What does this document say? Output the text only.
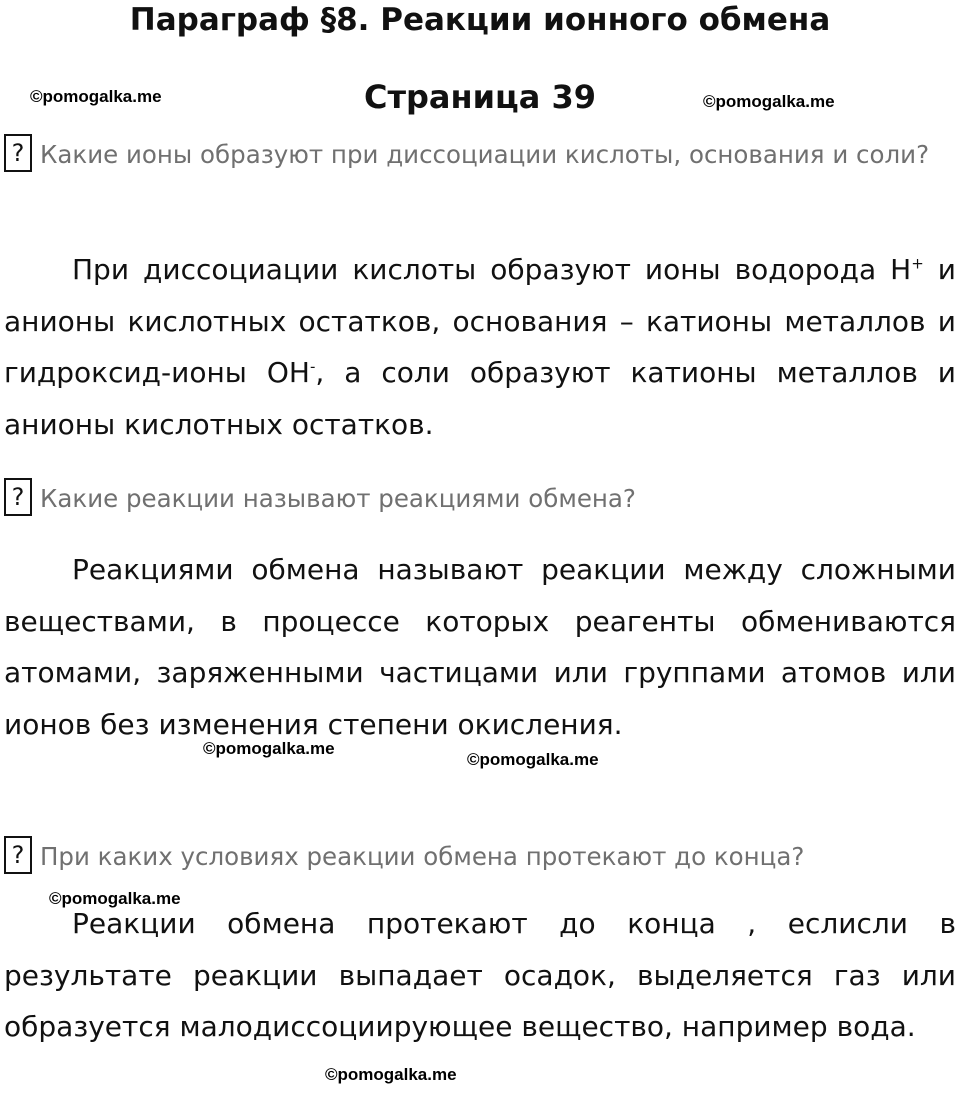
Параграф §8. Реакции ионного обмена
Страница 39
©pomogalka.me	©pomogalka.me
? Какие ионы образуют при диссоциации кислоты, основания и соли?
При диссоциации кислоты образуют ионы водорода H+ и анионы кислотных остатков, основания – катионы металлов и гидроксид-ионы OH-, а соли образуют катионы металлов и анионы кислотных остатков.
? Какие реакции называют реакциями обмена?
Реакциями обмена называют реакции между сложными веществами, в процессе которых реагенты обмениваются атомами, заряженными частицами или группами атомов или ионов без изменения степени окисления.
©pomogalka.me
©pomogalka.me
? При каких условиях реакции обмена протекают до конца?
©pomogalka.me
Реакции обмена протекают до конца , еслисли в результате реакции выпадает осадок, выделяется газ или образуется малодиссоциирующее вещество, например вода.
©pomogalka.me
